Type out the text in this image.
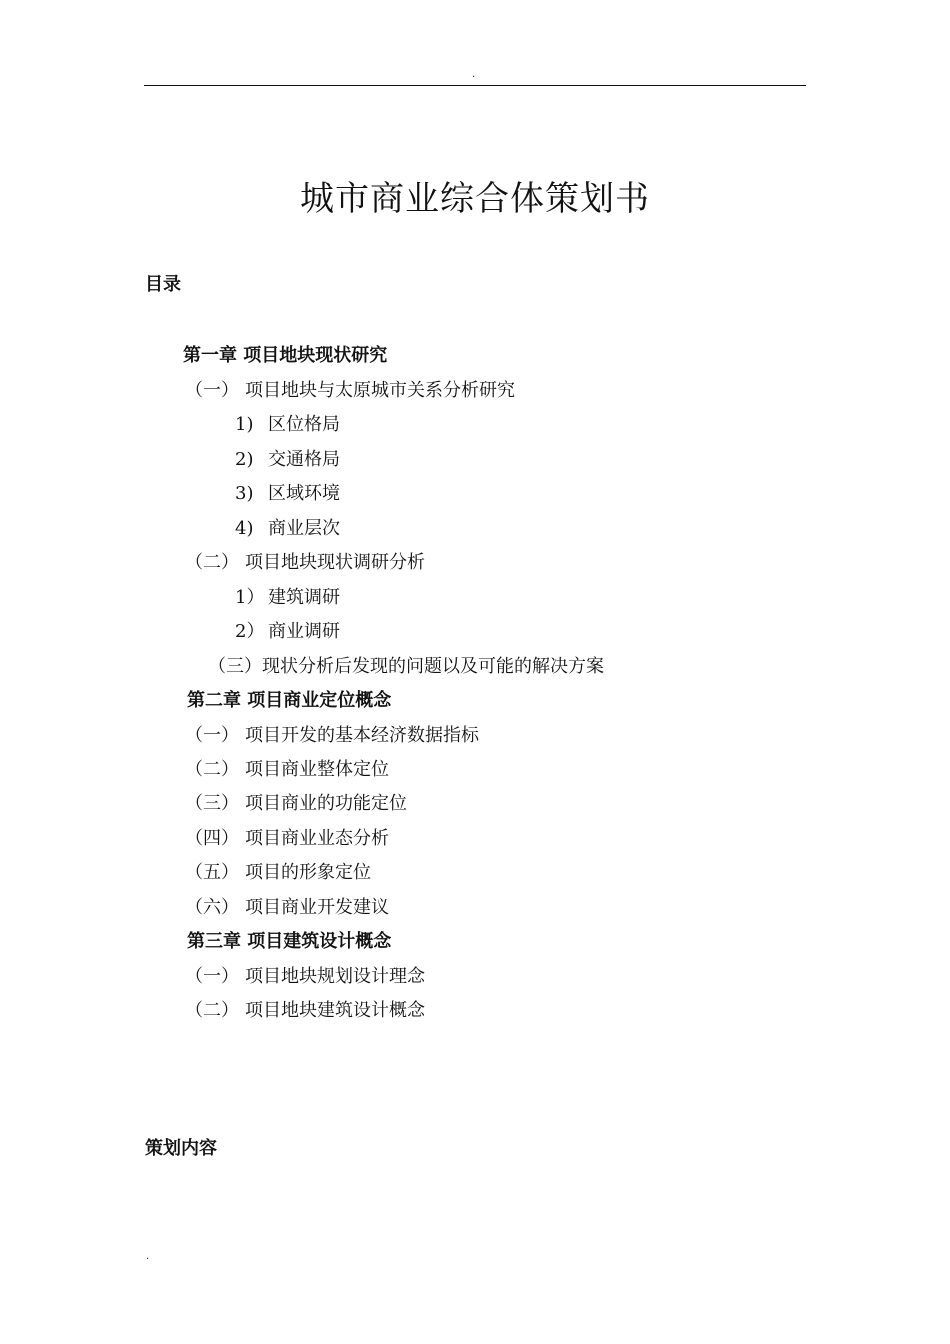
.
城市商业综合体策划书
目录
第一章 项目地块现状研究
（一） 项目地块与太原城市关系分析研究
1) 区位格局
2) 交通格局
3) 区域环境
4) 商业层次
（二） 项目地块现状调研分析
1） 建筑调研
2） 商业调研
（三）现状分析后发现的问题以及可能的解决方案
第二章 项目商业定位概念
（一） 项目开发的基本经济数据指标
（二） 项目商业整体定位
（三） 项目商业的功能定位
（四） 项目商业业态分析
（五） 项目的形象定位
（六） 项目商业开发建议
第三章 项目建筑设计概念
（一） 项目地块规划设计理念
（二） 项目地块建筑设计概念
策划内容
.
